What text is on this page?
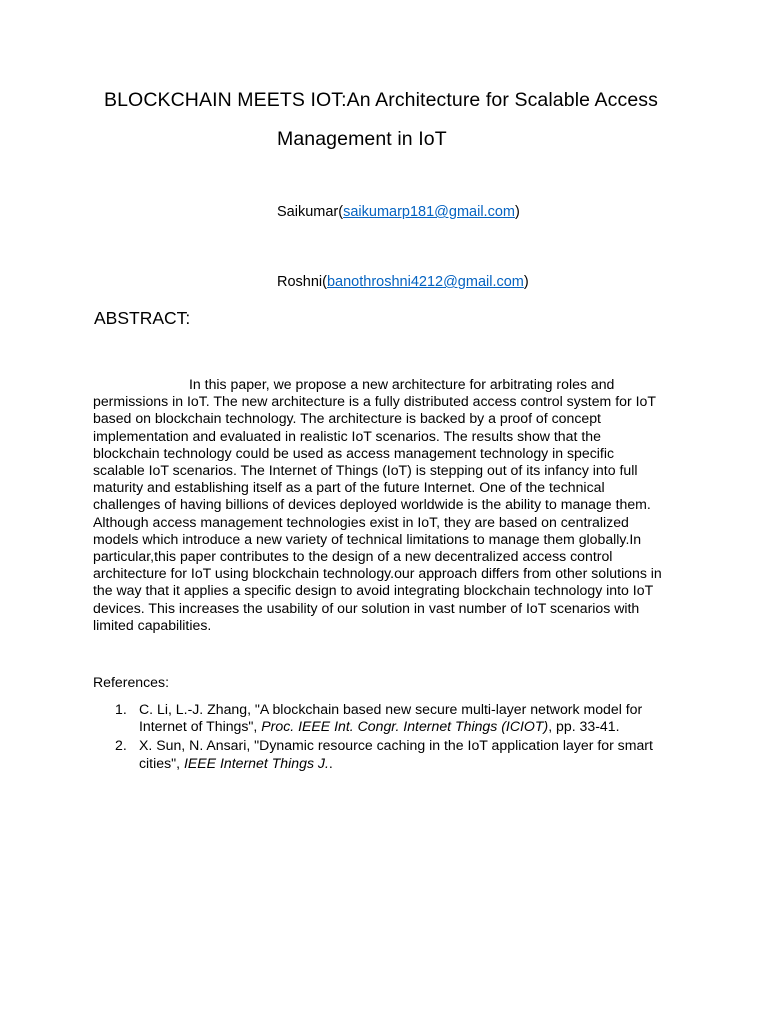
BLOCKCHAIN MEETS IOT:An Architecture for Scalable Access
Management in IoT
Saikumar(saikumarp181@gmail.com)
Roshni(banothroshni4212@gmail.com)
ABSTRACT:

In this paper, we propose a new architecture for arbitrating roles and permissions in IoT. The new architecture is a fully distributed access control system for IoT based on blockchain technology. The architecture is backed by a proof of concept implementation and evaluated in realistic IoT scenarios. The results show that the blockchain technology could be used as access management technology in specific scalable IoT scenarios. The Internet of Things (IoT) is stepping out of its infancy into full maturity and establishing itself as a part of the future Internet. One of the technical challenges of having billions of devices deployed worldwide is the ability to manage them. Although access management technologies exist in IoT, they are based on centralized models which introduce a new variety of technical limitations to manage them globally.In particular,this paper contributes to the design of a new decentralized access control architecture for IoT using blockchain technology.our approach differs from other solutions in the way that it applies a specific design to avoid integrating blockchain technology into IoT devices. This increases the usability of our solution in vast number of IoT scenarios with limited capabilities.

References:
1. C. Li, L.-J. Zhang, "A blockchain based new secure multi-layer network model for Internet of Things", Proc. IEEE Int. Congr. Internet Things (ICIOT), pp. 33-41.
2. X. Sun, N. Ansari, "Dynamic resource caching in the IoT application layer for smart cities", IEEE Internet Things J..
